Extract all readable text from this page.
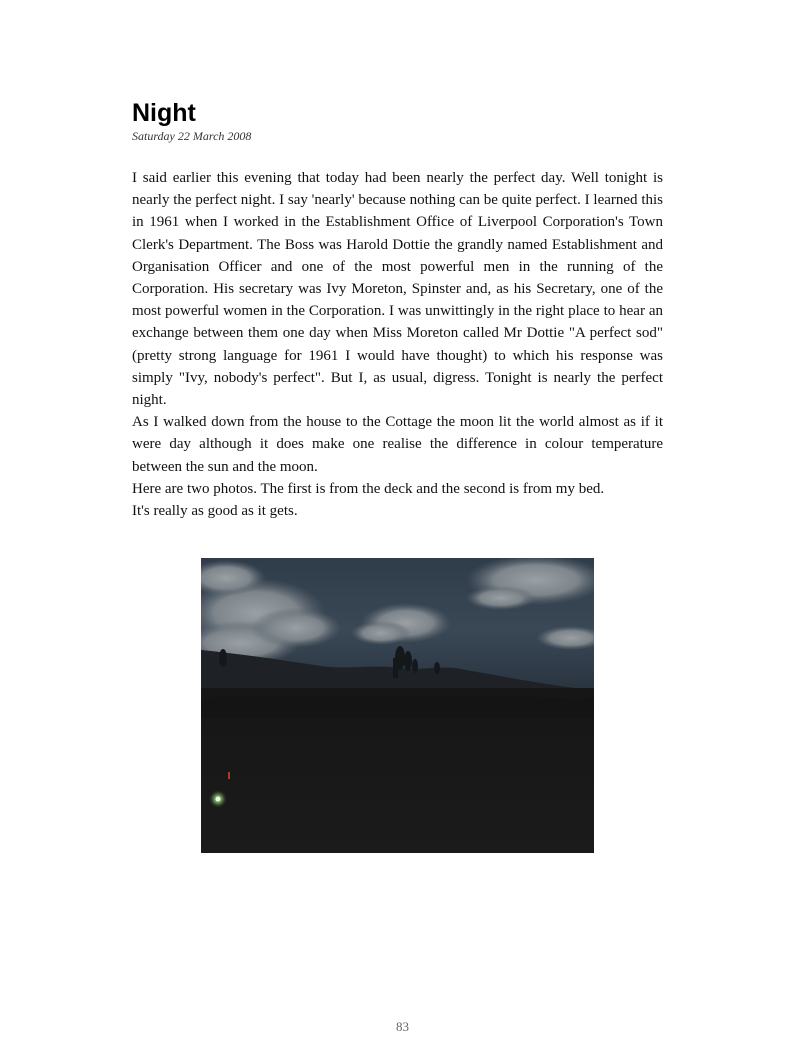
Night
Saturday 22 March 2008

I said earlier this evening that today had been nearly the perfect day. Well tonight is nearly the perfect night. I say 'nearly' because nothing can be quite perfect. I learned this in 1961 when I worked in the Establishment Office of Liverpool Corporation's Town Clerk's Department. The Boss was Harold Dottie the grandly named Establishment and Organisation Officer and one of the most powerful men in the running of the Corporation. His secretary was Ivy Moreton, Spinster and, as his Secretary, one of the most powerful women in the Corporation. I was unwittingly in the right place to hear an exchange between them one day when Miss Moreton called Mr Dottie "A perfect sod" (pretty strong language for 1961 I would have thought) to which his response was simply "Ivy, nobody's perfect". But I, as usual, digress. Tonight is nearly the perfect night.

As I walked down from the house to the Cottage the moon lit the world almost as if it were day although it does make one realise the difference in colour temperature between the sun and the moon.

Here are two photos. The first is from the deck and the second is from my bed.

It's really as good as it gets.

83
